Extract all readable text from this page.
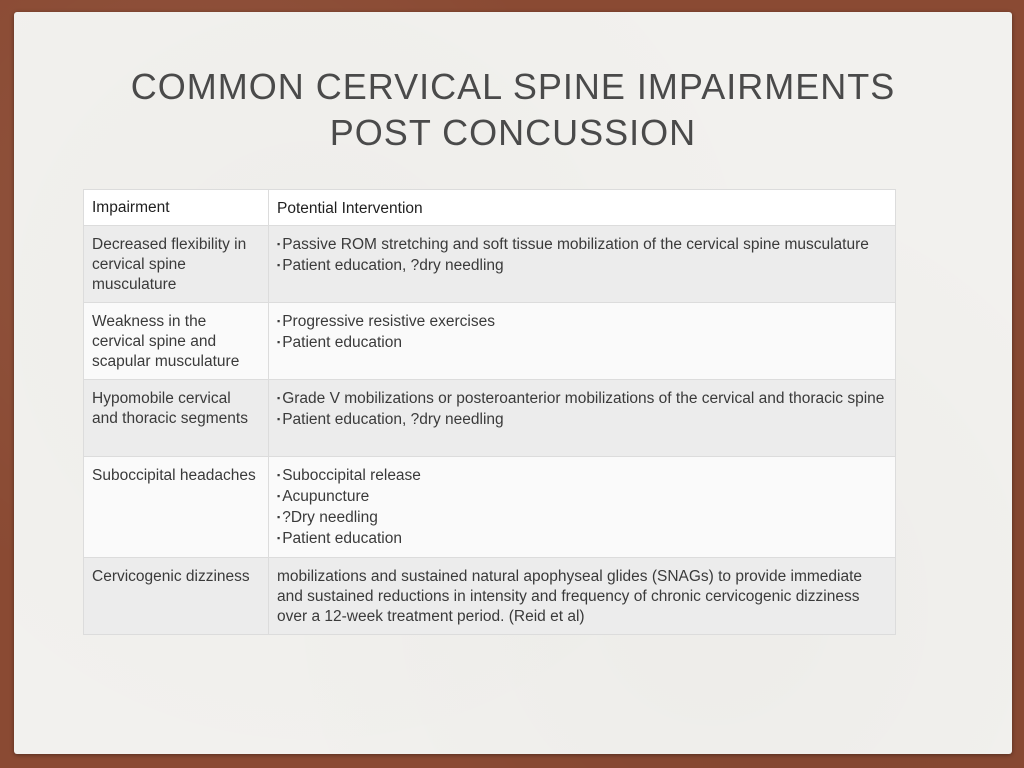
COMMON CERVICAL SPINE IMPAIRMENTS
POST CONCUSSION
Impairment	Potential Intervention
Decreased flexibility in cervical spine musculature	▪ Passive ROM stretching and soft tissue mobilization of the cervical spine musculature
▪ Patient education, ?dry needling

Weakness in the cervical spine and scapular musculature	▪ Progressive resistive exercises
▪ Patient education

Hypomobile cervical and thoracic segments	▪ Grade V mobilizations or posteroanterior mobilizations of the cervical and thoracic spine
▪ Patient education, ?dry needling

Suboccipital headaches	▪ Suboccipital release
▪ Acupuncture
▪ ?Dry needling
▪ Patient education

Cervicogenic dizziness	mobilizations and sustained natural apophyseal glides (SNAGs) to provide immediate and sustained reductions in intensity and frequency of chronic cervicogenic dizziness over a 12-week treatment period. (Reid et al)
